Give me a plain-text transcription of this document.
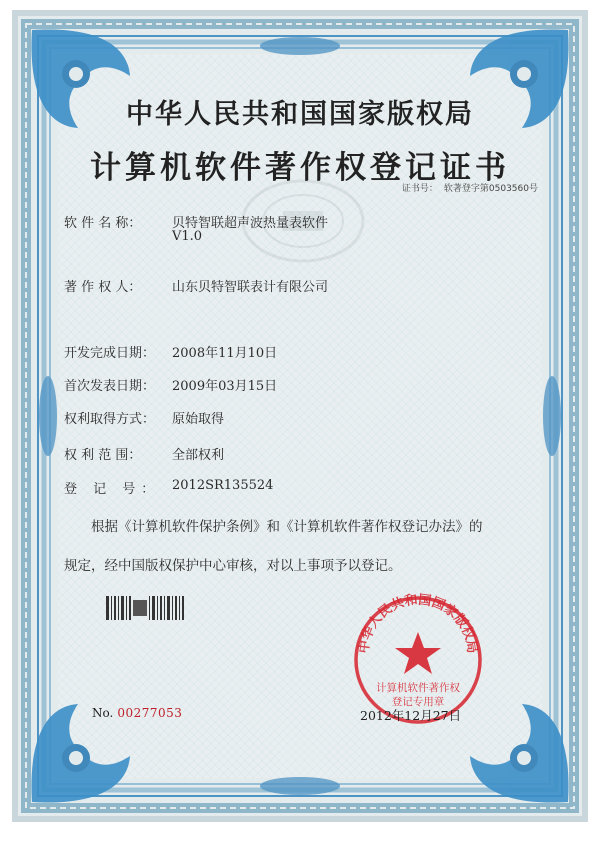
中华人民共和国国家版权局
计算机软件著作权登记证书
证书号： 软著登字第0503560号
软 件 名 称：	贝特智联超声波热量表软件
V1.0
著 作 权 人：	山东贝特智联表计有限公司
开发完成日期：	2008年11月10日
首次发表日期：	2009年03月15日
权利取得方式：	原始取得
权 利 范 围：	全部权利
登 记 号： 2012SR135524
根据《计算机软件保护条例》和《计算机软件著作权登记办法》的
规定，经中国版权保护中心审核，对以上事项予以登记。
中华人民共和国国家版权局
计算机软件著作权
登记专用章
No. 00277053	2012年12月27日
